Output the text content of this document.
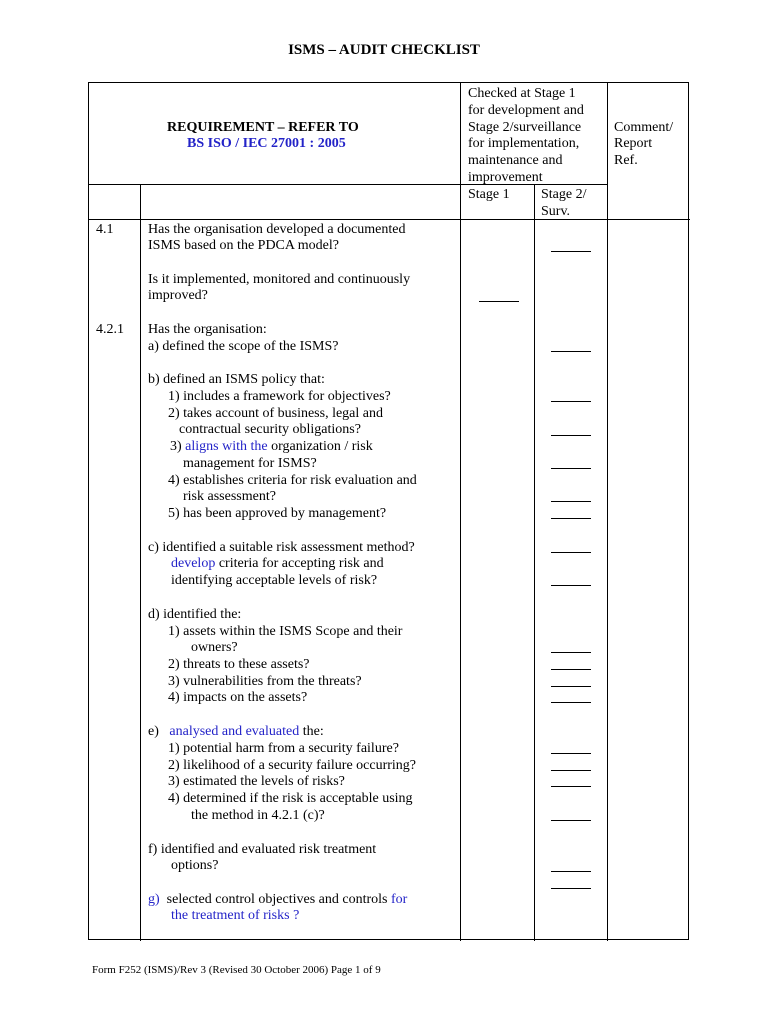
ISMS – AUDIT CHECKLIST
REQUIREMENT – REFER TO
BS ISO / IEC 27001 : 2005
Checked at Stage 1
for development and
Stage 2/surveillance
for implementation,
maintenance and
improvement
Stage 1 Stage 2/
Surv.
Comment/
Report
Ref.
4.1
4.2.1
Has the organisation developed a documented
ISMS based on the PDCA model?
Is it implemented, monitored and continuously
improved?
Has the organisation:
a) defined the scope of the ISMS?
b) defined an ISMS policy that:
1) includes a framework for objectives?
2) takes account of business, legal and
contractual security obligations?
3) aligns with the organization / risk
management for ISMS?
4) establishes criteria for risk evaluation and
risk assessment?
5) has been approved by management?
c) identified a suitable risk assessment method?
develop criteria for accepting risk and
identifying acceptable levels of risk?
d) identified the:
1) assets within the ISMS Scope and their
owners?
2) threats to these assets?
3) vulnerabilities from the threats?
4) impacts on the assets?
e)   analysed and evaluated the:
1) potential harm from a security failure?
2) likelihood of a security failure occurring?
3) estimated the levels of risks?
4) determined if the risk is acceptable using
the method in 4.2.1 (c)?
f) identified and evaluated risk treatment
options?
g)  selected control objectives and controls for
the treatment of risks ?
Form F252 (ISMS)/Rev 3 (Revised 30 October 2006) Page 1 of 9
